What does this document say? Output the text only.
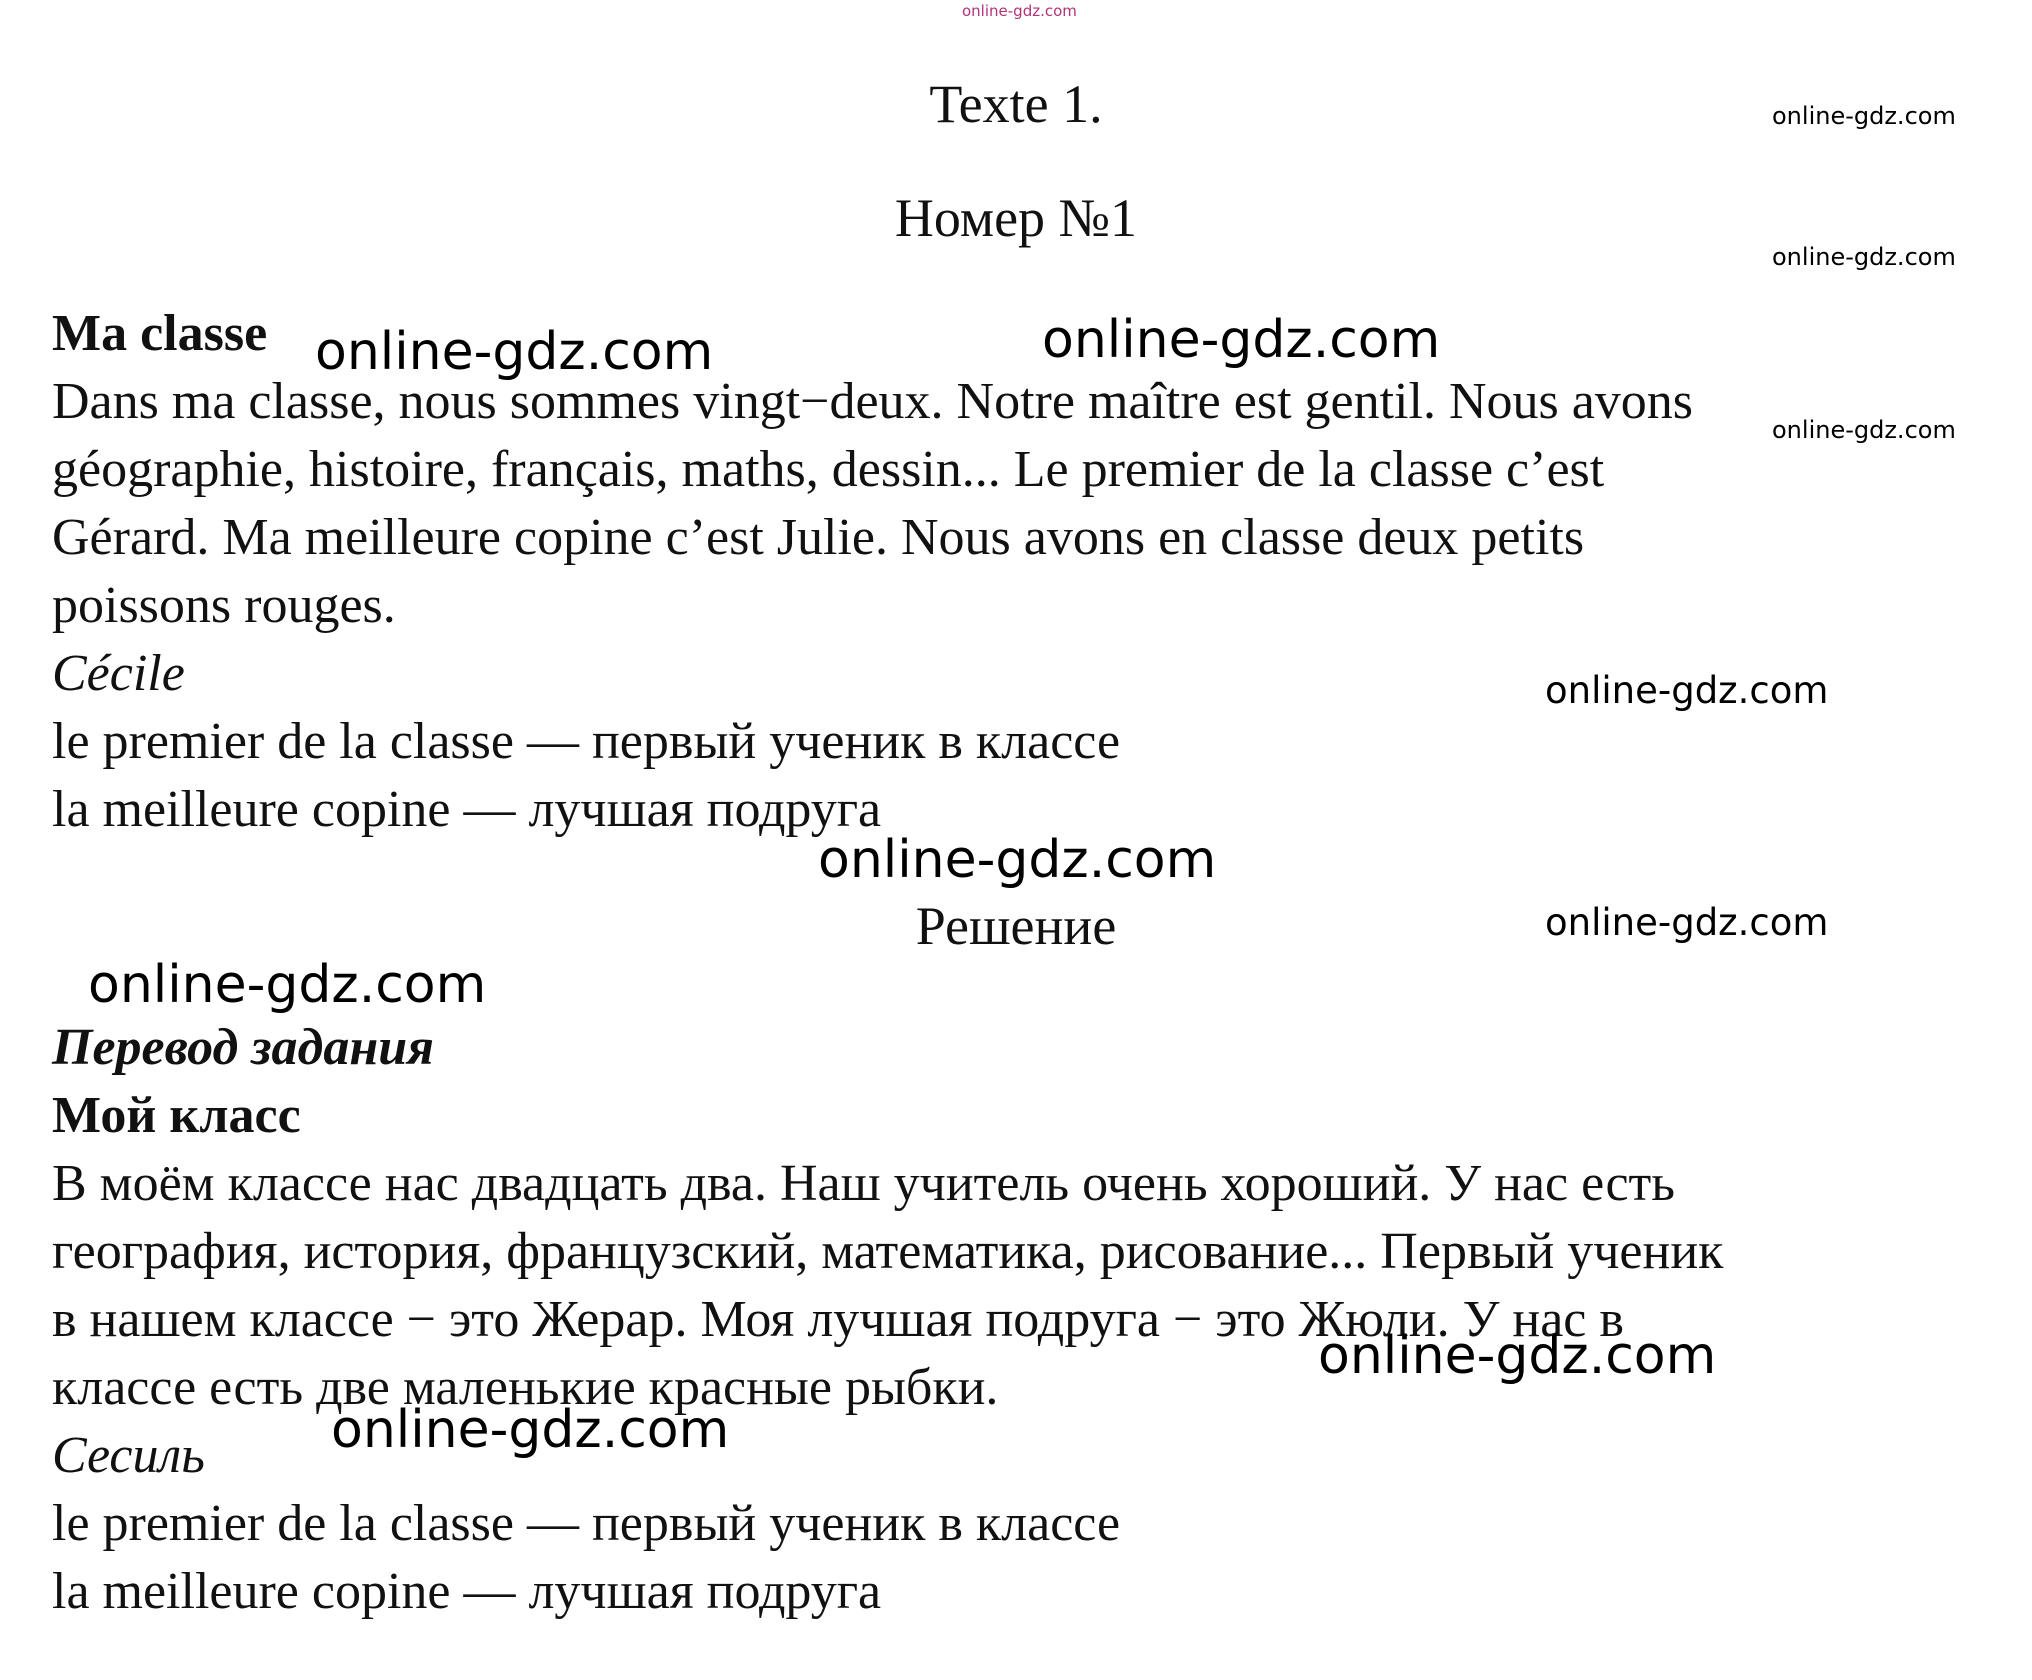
online-gdz.com
Texte 1.
Номер №1
Ma classe
Dans ma classe, nous sommes vingt−deux. Notre maître est gentil. Nous avons
géographie, histoire, français, maths, dessin... Le premier de la classe c’est
Gérard. Ma meilleure copine c’est Julie. Nous avons en classe deux petits
poissons rouges.
Cécile
le premier de la classe — первый ученик в классе
la meilleure copine — лучшая подруга
Решение
Перевод задания
Мой класс
В моём классе нас двадцать два. Наш учитель очень хороший. У нас есть
география, история, французский, математика, рисование... Первый ученик
в нашем классе − это Жерар. Моя лучшая подруга − это Жюли. У нас в
классе есть две маленькие красные рыбки.
Сесиль
le premier de la classe — первый ученик в классе
la meilleure copine — лучшая подруга
online-gdz.com
online-gdz.com
online-gdz.com	online-gdz.com
online-gdz.com
online-gdz.com
online-gdz.com
online-gdz.com
online-gdz.com
online-gdz.com
online-gdz.com
